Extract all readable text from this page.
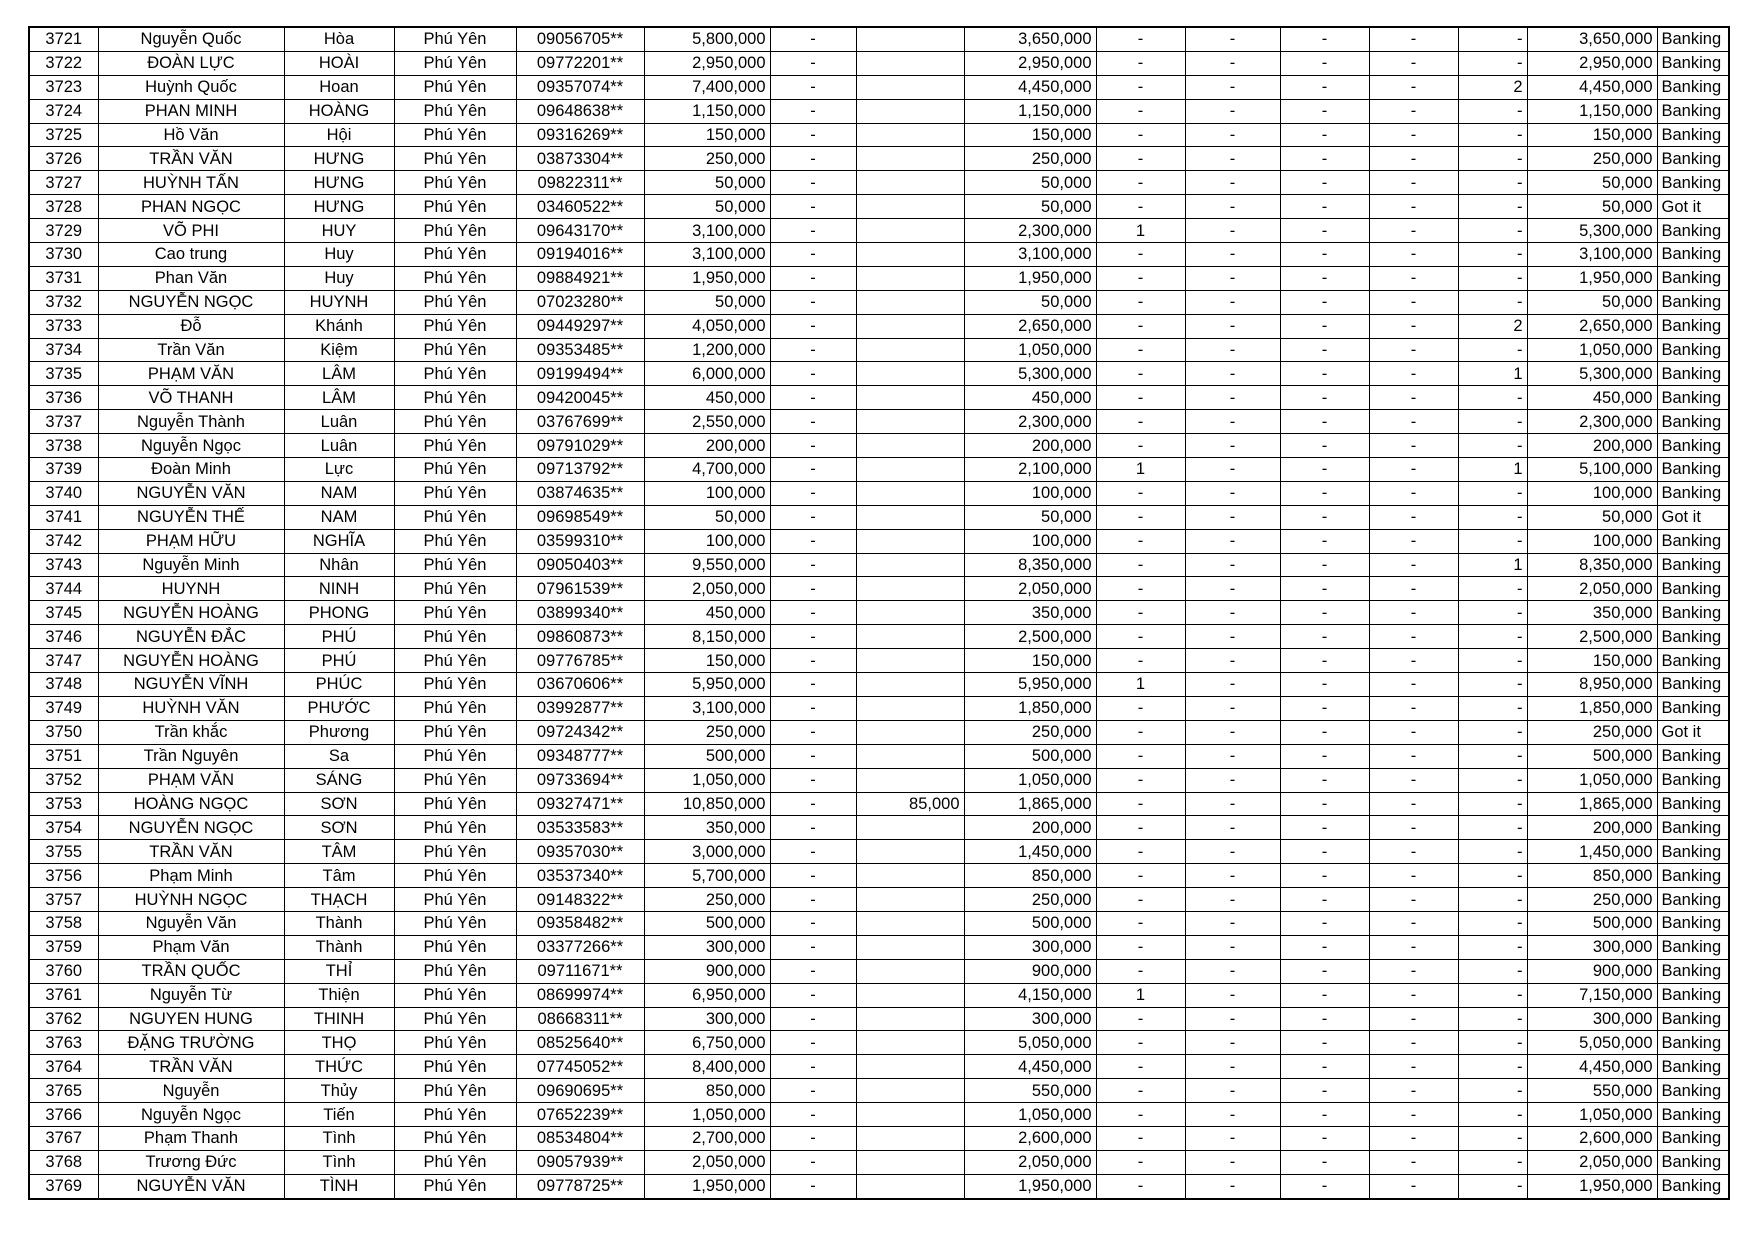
3721	Nguyễn Quốc	Hòa	Phú Yên	09056705**	5,800,000	-		3,650,000	-	-	-	-	-	3,650,000	Banking
3722	ĐOÀN LỰC	HOÀI	Phú Yên	09772201**	2,950,000	-		2,950,000	-	-	-	-	-	2,950,000	Banking
3723	Huỳnh Quốc	Hoan	Phú Yên	09357074**	7,400,000	-		4,450,000	-	-	-	-	2	4,450,000	Banking
3724	PHAN MINH	HOÀNG	Phú Yên	09648638**	1,150,000	-		1,150,000	-	-	-	-	-	1,150,000	Banking
3725	Hồ Văn	Hội	Phú Yên	09316269**	150,000	-		150,000	-	-	-	-	-	150,000	Banking
3726	TRẦN VĂN	HƯNG	Phú Yên	03873304**	250,000	-		250,000	-	-	-	-	-	250,000	Banking
3727	HUỲNH TẤN	HƯNG	Phú Yên	09822311**	50,000	-		50,000	-	-	-	-	-	50,000	Banking
3728	PHAN NGỌC	HƯNG	Phú Yên	03460522**	50,000	-		50,000	-	-	-	-	-	50,000	Got it
3729	VÕ PHI	HUY	Phú Yên	09643170**	3,100,000	-		2,300,000	1	-	-	-	-	5,300,000	Banking
3730	Cao trung	Huy	Phú Yên	09194016**	3,100,000	-		3,100,000	-	-	-	-	-	3,100,000	Banking
3731	Phan Văn	Huy	Phú Yên	09884921**	1,950,000	-		1,950,000	-	-	-	-	-	1,950,000	Banking
3732	NGUYỄN NGỌC	HUYNH	Phú Yên	07023280**	50,000	-		50,000	-	-	-	-	-	50,000	Banking
3733	Đỗ	Khánh	Phú Yên	09449297**	4,050,000	-		2,650,000	-	-	-	-	2	2,650,000	Banking
3734	Trần Văn	Kiệm	Phú Yên	09353485**	1,200,000	-		1,050,000	-	-	-	-	-	1,050,000	Banking
3735	PHẠM VĂN	LÂM	Phú Yên	09199494**	6,000,000	-		5,300,000	-	-	-	-	1	5,300,000	Banking
3736	VÕ THANH	LÂM	Phú Yên	09420045**	450,000	-		450,000	-	-	-	-	-	450,000	Banking
3737	Nguyễn Thành	Luân	Phú Yên	03767699**	2,550,000	-		2,300,000	-	-	-	-	-	2,300,000	Banking
3738	Nguyễn Ngọc	Luân	Phú Yên	09791029**	200,000	-		200,000	-	-	-	-	-	200,000	Banking
3739	Đoàn Minh	Lực	Phú Yên	09713792**	4,700,000	-		2,100,000	1	-	-	-	1	5,100,000	Banking
3740	NGUYỄN VĂN	NAM	Phú Yên	03874635**	100,000	-		100,000	-	-	-	-	-	100,000	Banking
3741	NGUYỄN THẾ	NAM	Phú Yên	09698549**	50,000	-		50,000	-	-	-	-	-	50,000	Got it
3742	PHẠM HỮU	NGHĨA	Phú Yên	03599310**	100,000	-		100,000	-	-	-	-	-	100,000	Banking
3743	Nguyễn Minh	Nhân	Phú Yên	09050403**	9,550,000	-		8,350,000	-	-	-	-	1	8,350,000	Banking
3744	HUYNH	NINH	Phú Yên	07961539**	2,050,000	-		2,050,000	-	-	-	-	-	2,050,000	Banking
3745	NGUYỄN HOÀNG	PHONG	Phú Yên	03899340**	450,000	-		350,000	-	-	-	-	-	350,000	Banking
3746	NGUYỄN ĐẮC	PHÚ	Phú Yên	09860873**	8,150,000	-		2,500,000	-	-	-	-	-	2,500,000	Banking
3747	NGUYỄN HOÀNG	PHÚ	Phú Yên	09776785**	150,000	-		150,000	-	-	-	-	-	150,000	Banking
3748	NGUYỄN VĨNH	PHÚC	Phú Yên	03670606**	5,950,000	-		5,950,000	1	-	-	-	-	8,950,000	Banking
3749	HUỲNH VĂN	PHƯỚC	Phú Yên	03992877**	3,100,000	-		1,850,000	-	-	-	-	-	1,850,000	Banking
3750	Trần khắc	Phương	Phú Yên	09724342**	250,000	-		250,000	-	-	-	-	-	250,000	Got it
3751	Trần Nguyên	Sa	Phú Yên	09348777**	500,000	-		500,000	-	-	-	-	-	500,000	Banking
3752	PHẠM VĂN	SÁNG	Phú Yên	09733694**	1,050,000	-		1,050,000	-	-	-	-	-	1,050,000	Banking
3753	HOÀNG NGỌC	SƠN	Phú Yên	09327471**	10,850,000	-	85,000	1,865,000	-	-	-	-	-	1,865,000	Banking
3754	NGUYỄN NGỌC	SƠN	Phú Yên	03533583**	350,000	-		200,000	-	-	-	-	-	200,000	Banking
3755	TRẦN VĂN	TÂM	Phú Yên	09357030**	3,000,000	-		1,450,000	-	-	-	-	-	1,450,000	Banking
3756	Phạm Minh	Tâm	Phú Yên	03537340**	5,700,000	-		850,000	-	-	-	-	-	850,000	Banking
3757	HUỲNH NGỌC	THẠCH	Phú Yên	09148322**	250,000	-		250,000	-	-	-	-	-	250,000	Banking
3758	Nguyễn Văn	Thành	Phú Yên	09358482**	500,000	-		500,000	-	-	-	-	-	500,000	Banking
3759	Phạm Văn	Thành	Phú Yên	03377266**	300,000	-		300,000	-	-	-	-	-	300,000	Banking
3760	TRẦN QUỐC	THỈ	Phú Yên	09711671**	900,000	-		900,000	-	-	-	-	-	900,000	Banking
3761	Nguyễn Từ	Thiện	Phú Yên	08699974**	6,950,000	-		4,150,000	1	-	-	-	-	7,150,000	Banking
3762	NGUYEN HUNG	THINH	Phú Yên	08668311**	300,000	-		300,000	-	-	-	-	-	300,000	Banking
3763	ĐẶNG TRƯỜNG	THỌ	Phú Yên	08525640**	6,750,000	-		5,050,000	-	-	-	-	-	5,050,000	Banking
3764	TRẦN VĂN	THỨC	Phú Yên	07745052**	8,400,000	-		4,450,000	-	-	-	-	-	4,450,000	Banking
3765	Nguyễn	Thủy	Phú Yên	09690695**	850,000	-		550,000	-	-	-	-	-	550,000	Banking
3766	Nguyễn Ngọc	Tiến	Phú Yên	07652239**	1,050,000	-		1,050,000	-	-	-	-	-	1,050,000	Banking
3767	Phạm Thanh	Tình	Phú Yên	08534804**	2,700,000	-		2,600,000	-	-	-	-	-	2,600,000	Banking
3768	Trương Đức	Tình	Phú Yên	09057939**	2,050,000	-		2,050,000	-	-	-	-	-	2,050,000	Banking
3769	NGUYỄN VĂN	TÌNH	Phú Yên	09778725**	1,950,000	-		1,950,000	-	-	-	-	-	1,950,000	Banking
